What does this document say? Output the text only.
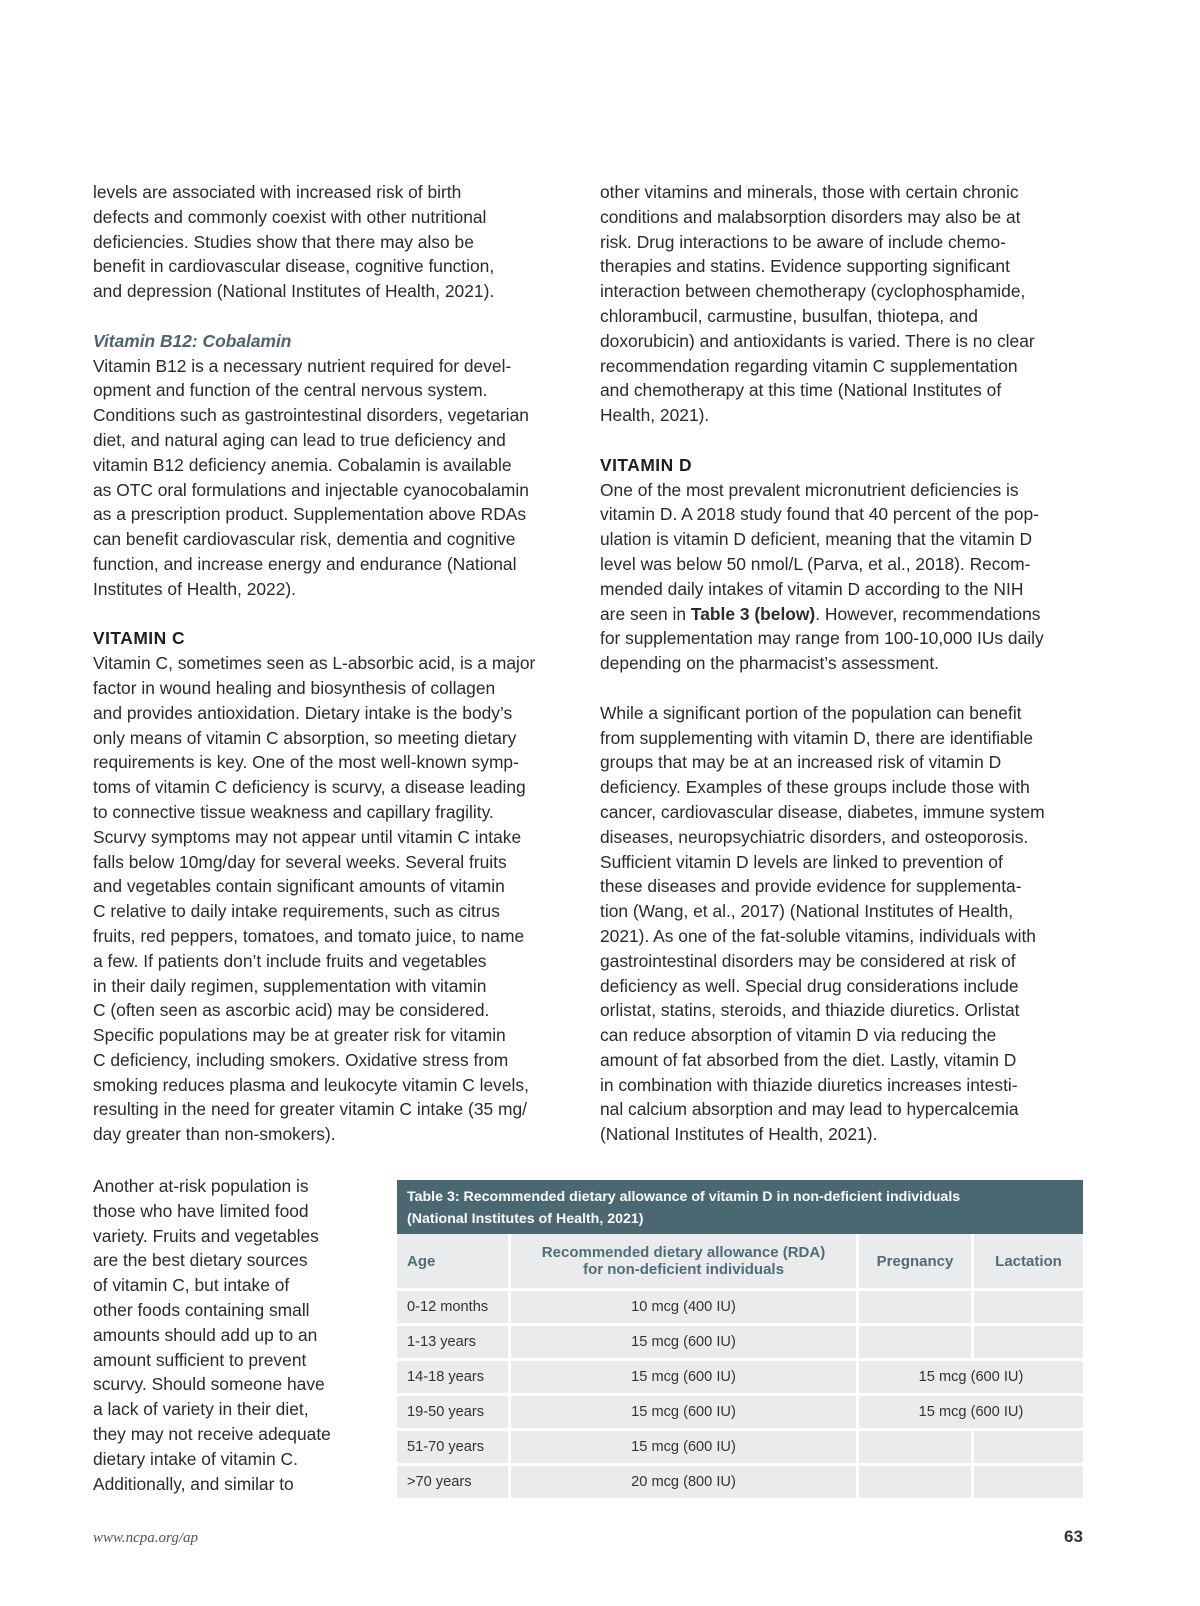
levels are associated with increased risk of birth
defects and commonly coexist with other nutritional
deficiencies. Studies show that there may also be
benefit in cardiovascular disease, cognitive function,
and depression (National Institutes of Health, 2021).

Vitamin B12: Cobalamin

Vitamin B12 is a necessary nutrient required for devel-
opment and function of the central nervous system.
Conditions such as gastrointestinal disorders, vegetarian
diet, and natural aging can lead to true deficiency and
vitamin B12 deficiency anemia. Cobalamin is available
as OTC oral formulations and injectable cyanocobalamin
as a prescription product. Supplementation above RDAs
can benefit cardiovascular risk, dementia and cognitive
function, and increase energy and endurance (National
Institutes of Health, 2022).

VITAMIN C

Vitamin C, sometimes seen as L-absorbic acid, is a major
factor in wound healing and biosynthesis of collagen
and provides antioxidation. Dietary intake is the body’s
only means of vitamin C absorption, so meeting dietary
requirements is key. One of the most well-known symp-
toms of vitamin C deficiency is scurvy, a disease leading
to connective tissue weakness and capillary fragility.
Scurvy symptoms may not appear until vitamin C intake
falls below 10mg/day for several weeks. Several fruits
and vegetables contain significant amounts of vitamin
C relative to daily intake requirements, such as citrus
fruits, red peppers, tomatoes, and tomato juice, to name
a few. If patients don’t include fruits and vegetables
in their daily regimen, supplementation with vitamin
C (often seen as ascorbic acid) may be considered.
Specific populations may be at greater risk for vitamin
C deficiency, including smokers. Oxidative stress from
smoking reduces plasma and leukocyte vitamin C levels,
resulting in the need for greater vitamin C intake (35 mg/
day greater than non-smokers).

Another at-risk population is
those who have limited food
variety. Fruits and vegetables
are the best dietary sources
of vitamin C, but intake of
other foods containing small
amounts should add up to an
amount sufficient to prevent
scurvy. Should someone have
a lack of variety in their diet,
they may not receive adequate
dietary intake of vitamin C.
Additionally, and similar to

other vitamins and minerals, those with certain chronic
conditions and malabsorption disorders may also be at
risk. Drug interactions to be aware of include chemo-
therapies and statins. Evidence supporting significant
interaction between chemotherapy (cyclophosphamide,
chlorambucil, carmustine, busulfan, thiotepa, and
doxorubicin) and antioxidants is varied. There is no clear
recommendation regarding vitamin C supplementation
and chemotherapy at this time (National Institutes of
Health, 2021).

VITAMIN D

One of the most prevalent micronutrient deficiencies is
vitamin D. A 2018 study found that 40 percent of the pop-
ulation is vitamin D deficient, meaning that the vitamin D
level was below 50 nmol/L (Parva, et al., 2018). Recom-
mended daily intakes of vitamin D according to the NIH
are seen in Table 3 (below). However, recommendations
for supplementation may range from 100-10,000 IUs daily
depending on the pharmacist’s assessment.

While a significant portion of the population can benefit
from supplementing with vitamin D, there are identifiable
groups that may be at an increased risk of vitamin D
deficiency. Examples of these groups include those with
cancer, cardiovascular disease, diabetes, immune system
diseases, neuropsychiatric disorders, and osteoporosis.
Sufficient vitamin D levels are linked to prevention of
these diseases and provide evidence for supplementa-
tion (Wang, et al., 2017) (National Institutes of Health,
2021). As one of the fat-soluble vitamins, individuals with
gastrointestinal disorders may be considered at risk of
deficiency as well. Special drug considerations include
orlistat, statins, steroids, and thiazide diuretics. Orlistat
can reduce absorption of vitamin D via reducing the
amount of fat absorbed from the diet. Lastly, vitamin D
in combination with thiazide diuretics increases intesti-
nal calcium absorption and may lead to hypercalcemia
(National Institutes of Health, 2021).

Table 3: Recommended dietary allowance of vitamin D in non-deficient individuals
(National Institutes of Health, 2021)
Age	Recommended dietary allowance (RDA)
for non-deficient individuals	Pregnancy	Lactation
0-12 months	10 mcg (400 IU)		
1-13 years	15 mcg (600 IU)		
14-18 years	15 mcg (600 IU)	15 mcg (600 IU)	
19-50 years	15 mcg (600 IU)	15 mcg (600 IU)	
51-70 years	15 mcg (600 IU)		
>70 years	20 mcg (800 IU)		
www.ncpa.org/ap	63
